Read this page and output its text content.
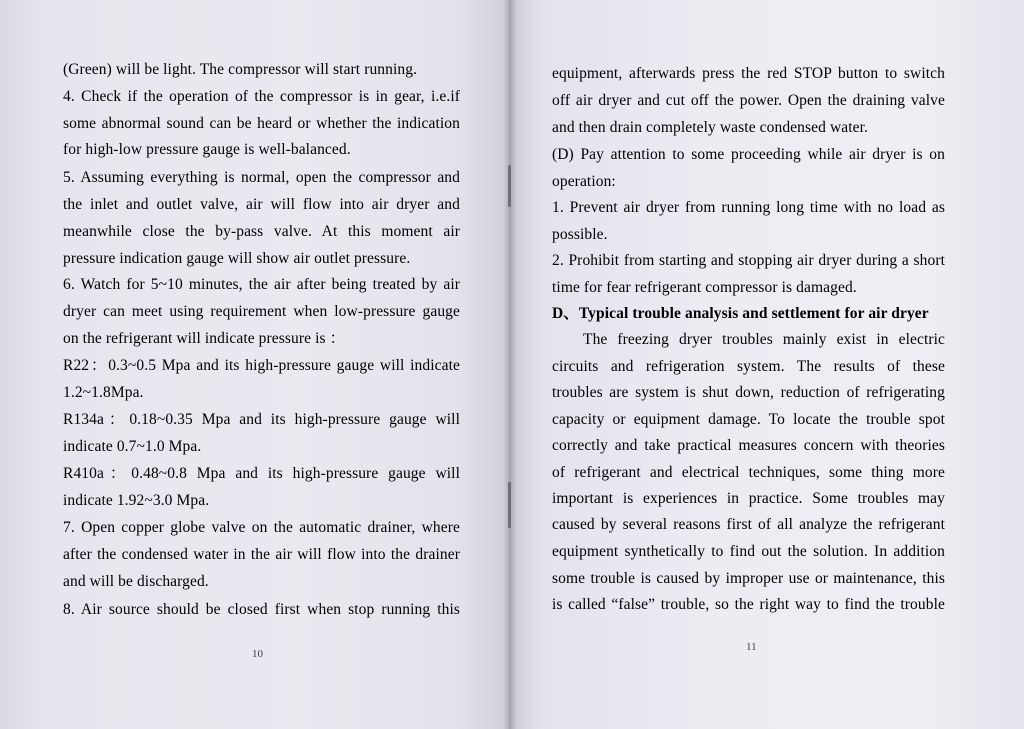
(Green) will be light. The compressor will start running.
4. Check if the operation of the compressor is in gear, i.e.if
some abnormal sound can be heard or whether the indication
for high-low pressure gauge is well-balanced.
5. Assuming everything is normal, open the compressor and
the inlet and outlet valve, air will flow into air dryer and
meanwhile close the by-pass valve. At this moment air
pressure indication gauge will show air outlet pressure.
6. Watch for 5~10 minutes, the air after being treated by air
dryer can meet using requirement when low-pressure gauge
on the refrigerant will indicate pressure is ：
R22：0.3~0.5 Mpa and its high-pressure gauge will indicate
1.2~1.8Mpa.
R134a：0.18~0.35 Mpa and its high-pressure gauge will
indicate 0.7~1.0 Mpa.
R410a：0.48~0.8 Mpa and its high-pressure gauge will
indicate 1.92~3.0 Mpa.
7. Open copper globe valve on the automatic drainer, where
after the condensed water in the air will flow into the drainer
and will be discharged.
8. Air source should be closed first when stop running this
10
equipment, afterwards press the red STOP button to switch
off air dryer and cut off the power. Open the draining valve
and then drain completely waste condensed water.
(D) Pay attention to some proceeding while air dryer is on
operation:
1. Prevent air dryer from running long time with no load as
possible.
2. Prohibit from starting and stopping air dryer during a short
time for fear refrigerant compressor is damaged.
D、Typical trouble analysis and settlement for air dryer
The freezing dryer troubles mainly exist in electric
circuits and refrigeration system. The results of these
troubles are system is shut down, reduction of refrigerating
capacity or equipment damage. To locate the trouble spot
correctly and take practical measures concern with theories
of refrigerant and electrical techniques, some thing more
important is experiences in practice. Some troubles may
caused by several reasons first of all analyze the refrigerant
equipment synthetically to find out the solution. In addition
some trouble is caused by improper use or maintenance, this
is called “false” trouble, so the right way to find the trouble
11
